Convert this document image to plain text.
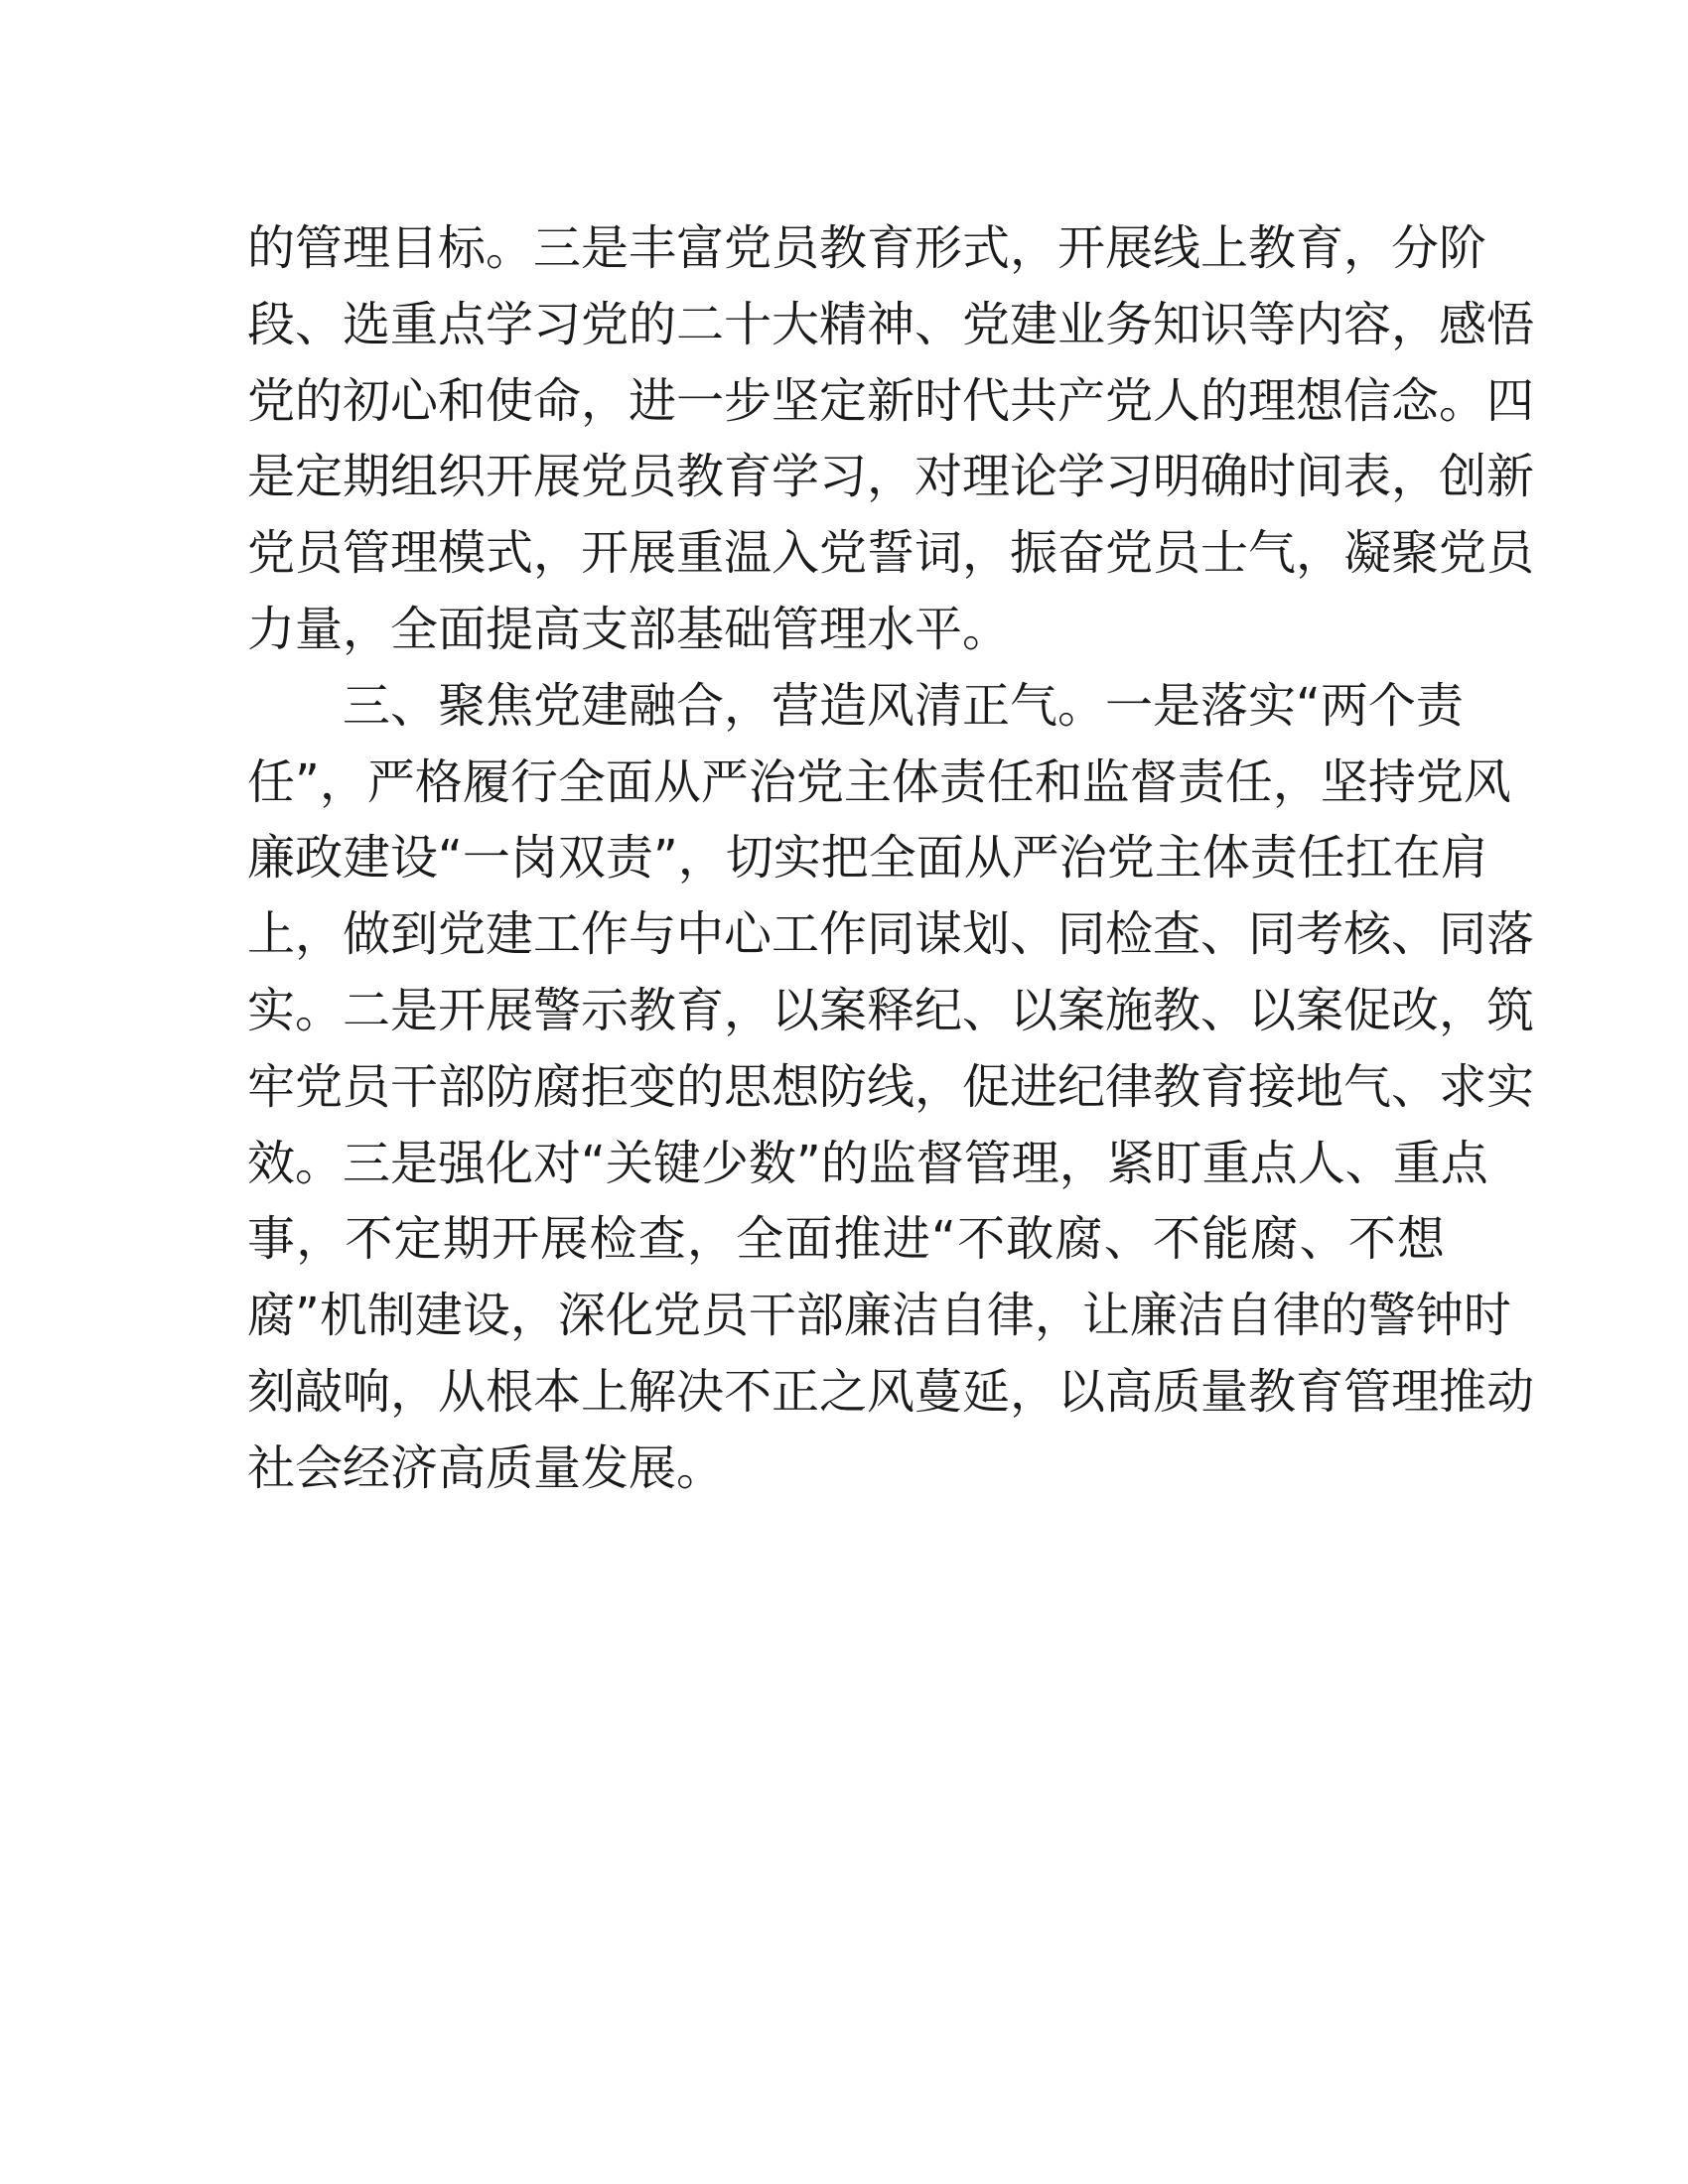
的管理目标。三是丰富党员教育形式，开展线上教育，分阶
段、选重点学习党的二十大精神、党建业务知识等内容，感悟
党的初心和使命，进一步坚定新时代共产党人的理想信念。四
是定期组织开展党员教育学习，对理论学习明确时间表，创新
党员管理模式，开展重温入党誓词，振奋党员士气，凝聚党员
力量，全面提高支部基础管理水平。
三、聚焦党建融合，营造风清正气。一是落实“两个责
任”，严格履行全面从严治党主体责任和监督责任，坚持党风
廉政建设“一岗双责”，切实把全面从严治党主体责任扛在肩
上，做到党建工作与中心工作同谋划、同检查、同考核、同落
实。二是开展警示教育，以案释纪、以案施教、以案促改，筑
牢党员干部防腐拒变的思想防线，促进纪律教育接地气、求实
效。三是强化对“关键少数”的监督管理，紧盯重点人、重点
事，不定期开展检查，全面推进“不敢腐、不能腐、不想
腐”机制建设，深化党员干部廉洁自律，让廉洁自律的警钟时
刻敲响，从根本上解决不正之风蔓延，以高质量教育管理推动
社会经济高质量发展。
